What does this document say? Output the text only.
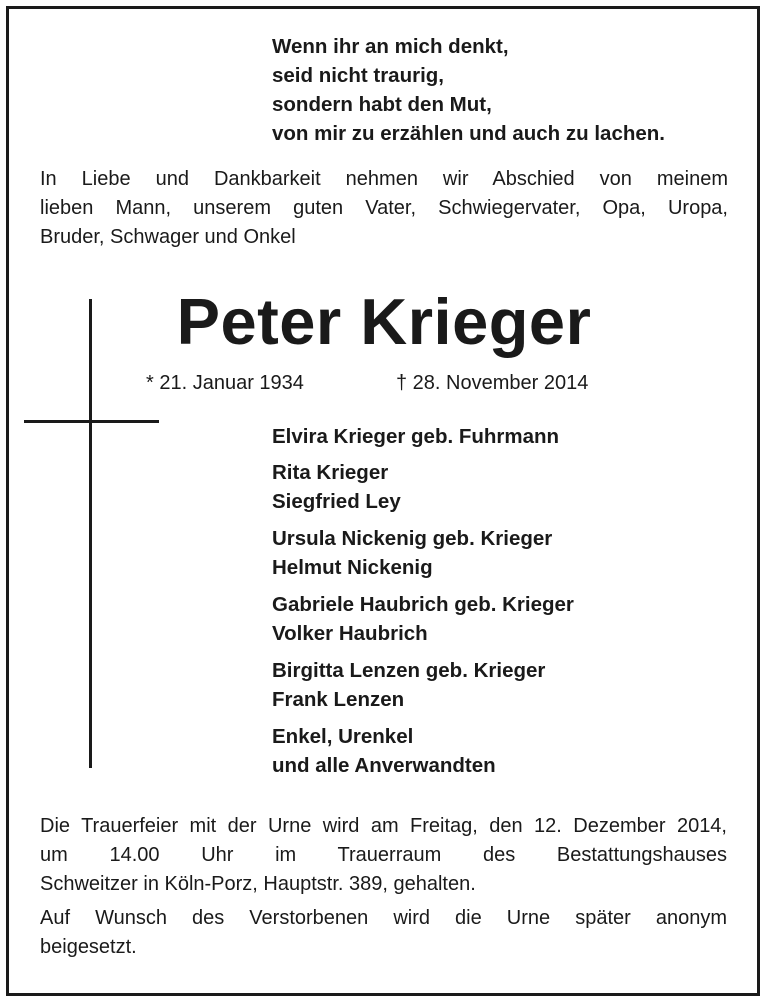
Wenn ihr an mich denkt,
seid nicht traurig,
sondern habt den Mut,
von mir zu erzählen und auch zu lachen.
In Liebe und Dankbarkeit nehmen wir Abschied von meinem
lieben Mann, unserem guten Vater, Schwiegervater, Opa, Uropa,
Bruder, Schwager und Onkel
Peter Krieger
* 21. Januar 1934	† 28. November 2014
Elvira Krieger geb. Fuhrmann
Rita Krieger
Siegfried Ley
Ursula Nickenig geb. Krieger
Helmut Nickenig
Gabriele Haubrich geb. Krieger
Volker Haubrich
Birgitta Lenzen geb. Krieger
Frank Lenzen
Enkel, Urenkel
und alle Anverwandten
Die Trauerfeier mit der Urne wird am Freitag, den 12. Dezember 2014,
um 14.00 Uhr im Trauerraum des Bestattungshauses
Schweitzer in Köln-Porz, Hauptstr. 389, gehalten.
Auf Wunsch des Verstorbenen wird die Urne später anonym
beigesetzt.
